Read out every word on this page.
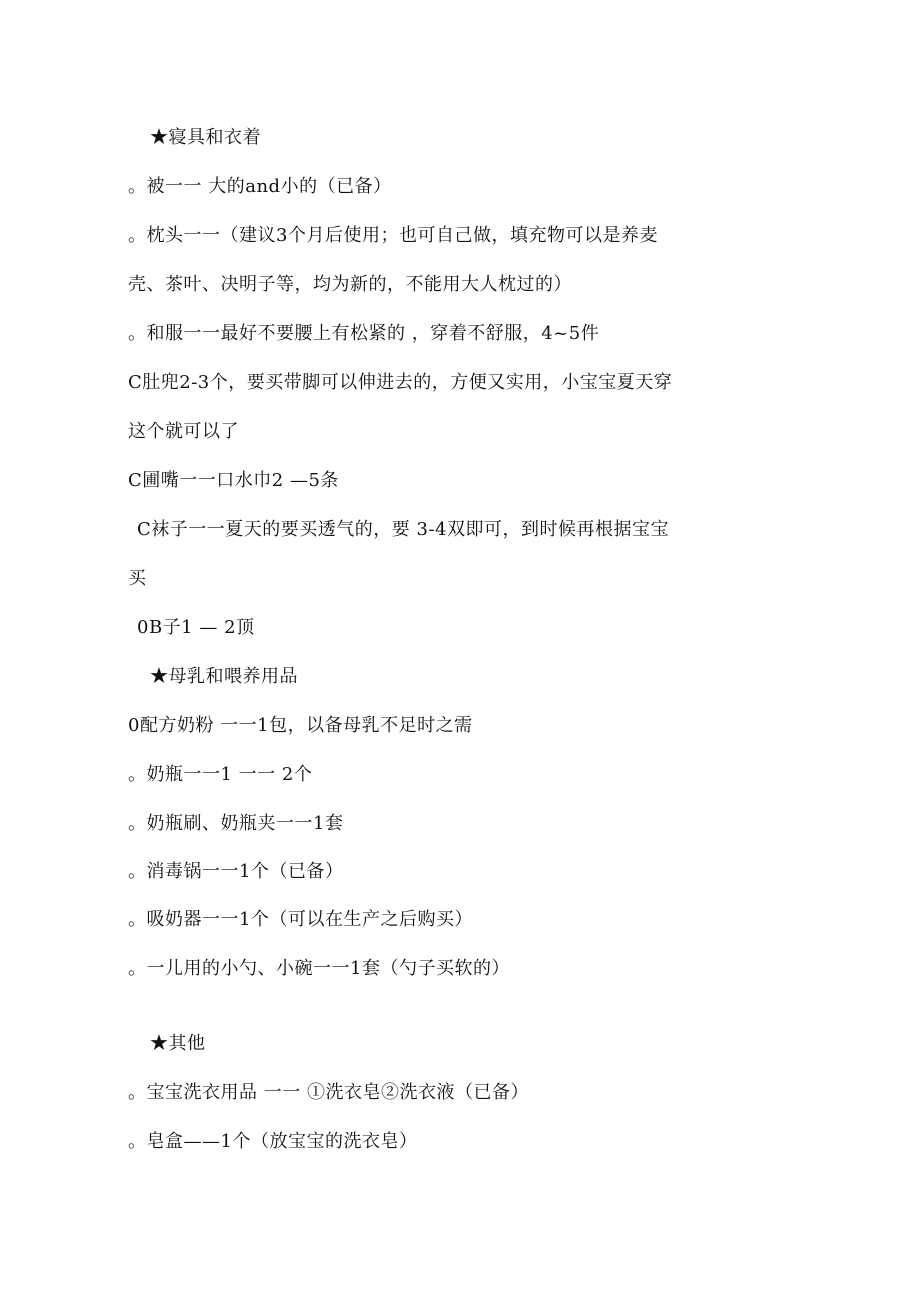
★寝具和衣着
。被一一 大的and小的（已备）
。枕头一一（建议3个月后使用；也可自己做，填充物可以是养麦
壳、茶叶、决明子等，均为新的，不能用大人枕过的）
。和服一一最好不要腰上有松紧的 ，穿着不舒服，4~5件
C肚兜2-3个，要买带脚可以伸进去的，方便又实用，小宝宝夏天穿
这个就可以了
C圃嘴一一口水巾2 —5条
C袜子一一夏天的要买透气的，要 3-4双即可，到时候再根据宝宝
买
0B子1 — 2顶
★母乳和喂养用品
0配方奶粉 一一1包，以备母乳不足时之需
。奶瓶一一1 一一 2个
。奶瓶刷、奶瓶夹一一1套
。消毒锅一一1个（已备）
。吸奶器一一1个（可以在生产之后购买）
。一儿用的小勺、小碗一一1套（勺子买软的）
★其他
。宝宝洗衣用品 一一 ①洗衣皂②洗衣液（已备）
。皂盒——1个（放宝宝的洗衣皂）
